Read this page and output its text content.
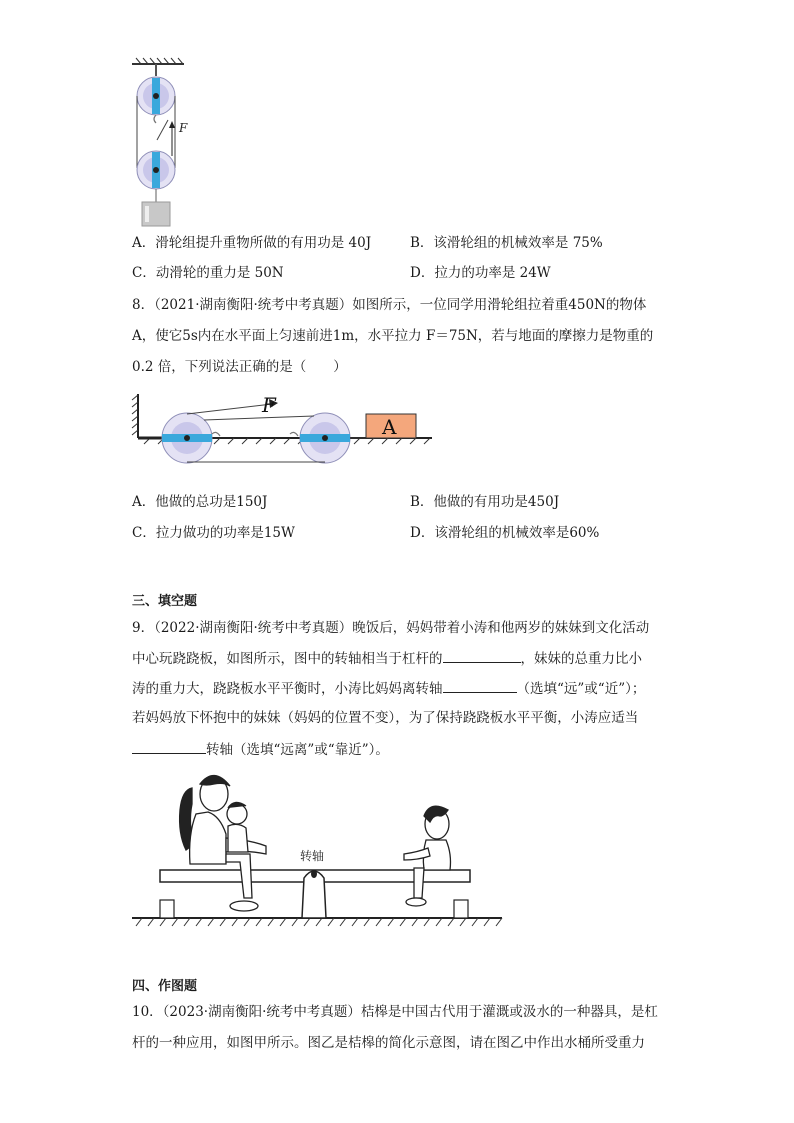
F
A．滑轮组提升重物所做的有用功是 40J	B．该滑轮组的机械效率是 75%
C．动滑轮的重力是 50N	D．拉力的功率是 24W
8．（2021·湖南衡阳·统考中考真题）如图所示，一位同学用滑轮组拉着重450N的物体
A，使它5s内在水平面上匀速前进1m，水平拉力 F＝75N，若与地面的摩擦力是物重的
0.2 倍，下列说法正确的是（　　）
F
A
A．他做的总功是150J	B．他做的有用功是450J
C．拉力做功的功率是15W	D．该滑轮组的机械效率是60%
三、填空题
9．（2022·湖南衡阳·统考中考真题）晚饭后，妈妈带着小涛和他两岁的妹妹到文化活动
中心玩跷跷板，如图所示，图中的转轴相当于杠杆的	，妹妹的总重力比小
涛的重力大，跷跷板水平平衡时，小涛比妈妈离转轴	（选填“远”或“近”）；
若妈妈放下怀抱中的妹妹（妈妈的位置不变），为了保持跷跷板水平平衡，小涛应适当
转轴（选填“远离”或“靠近”）。
转轴
四、作图题
10．（2023·湖南衡阳·统考中考真题）桔槔是中国古代用于灌溉或汲水的一种器具，是杠
杆的一种应用，如图甲所示。图乙是桔槔的简化示意图，请在图乙中作出水桶所受重力
